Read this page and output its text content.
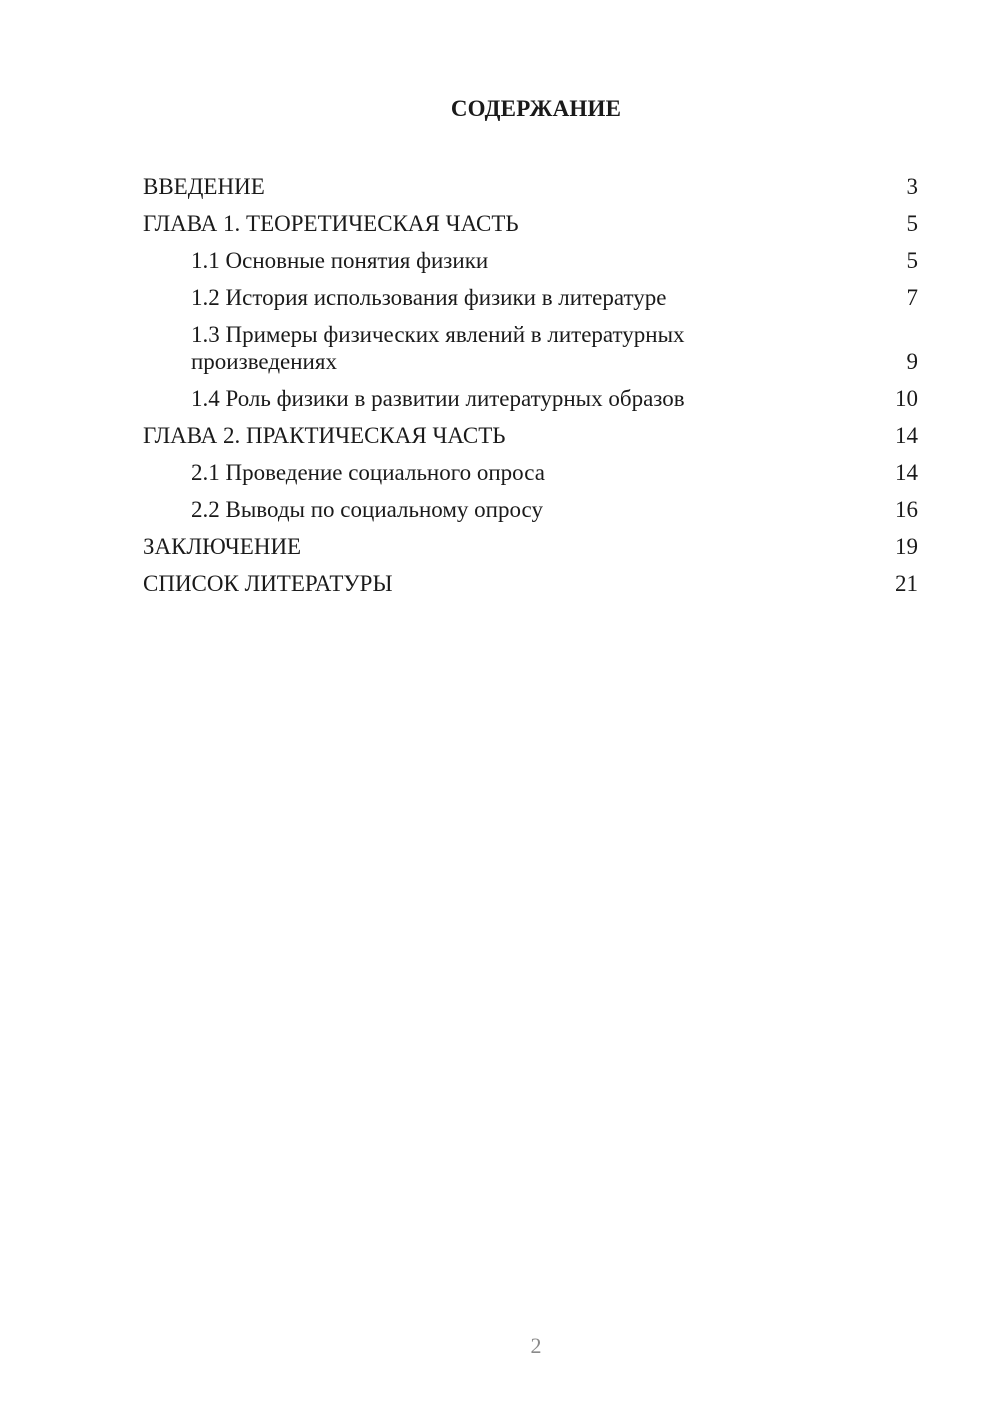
СОДЕРЖАНИЕ
ВВЕДЕНИЕ	3
ГЛАВА 1. ТЕОРЕТИЧЕСКАЯ ЧАСТЬ	5
1.1 Основные понятия физики	5
1.2 История использования физики в литературе	7
1.3 Примеры физических явлений в литературных произведениях	9
1.4 Роль физики в развитии литературных образов	10
ГЛАВА 2. ПРАКТИЧЕСКАЯ ЧАСТЬ	14
2.1 Проведение социального опроса	14
2.2 Выводы по социальному опросу	16
ЗАКЛЮЧЕНИЕ	19
СПИСОК ЛИТЕРАТУРЫ	21
2
